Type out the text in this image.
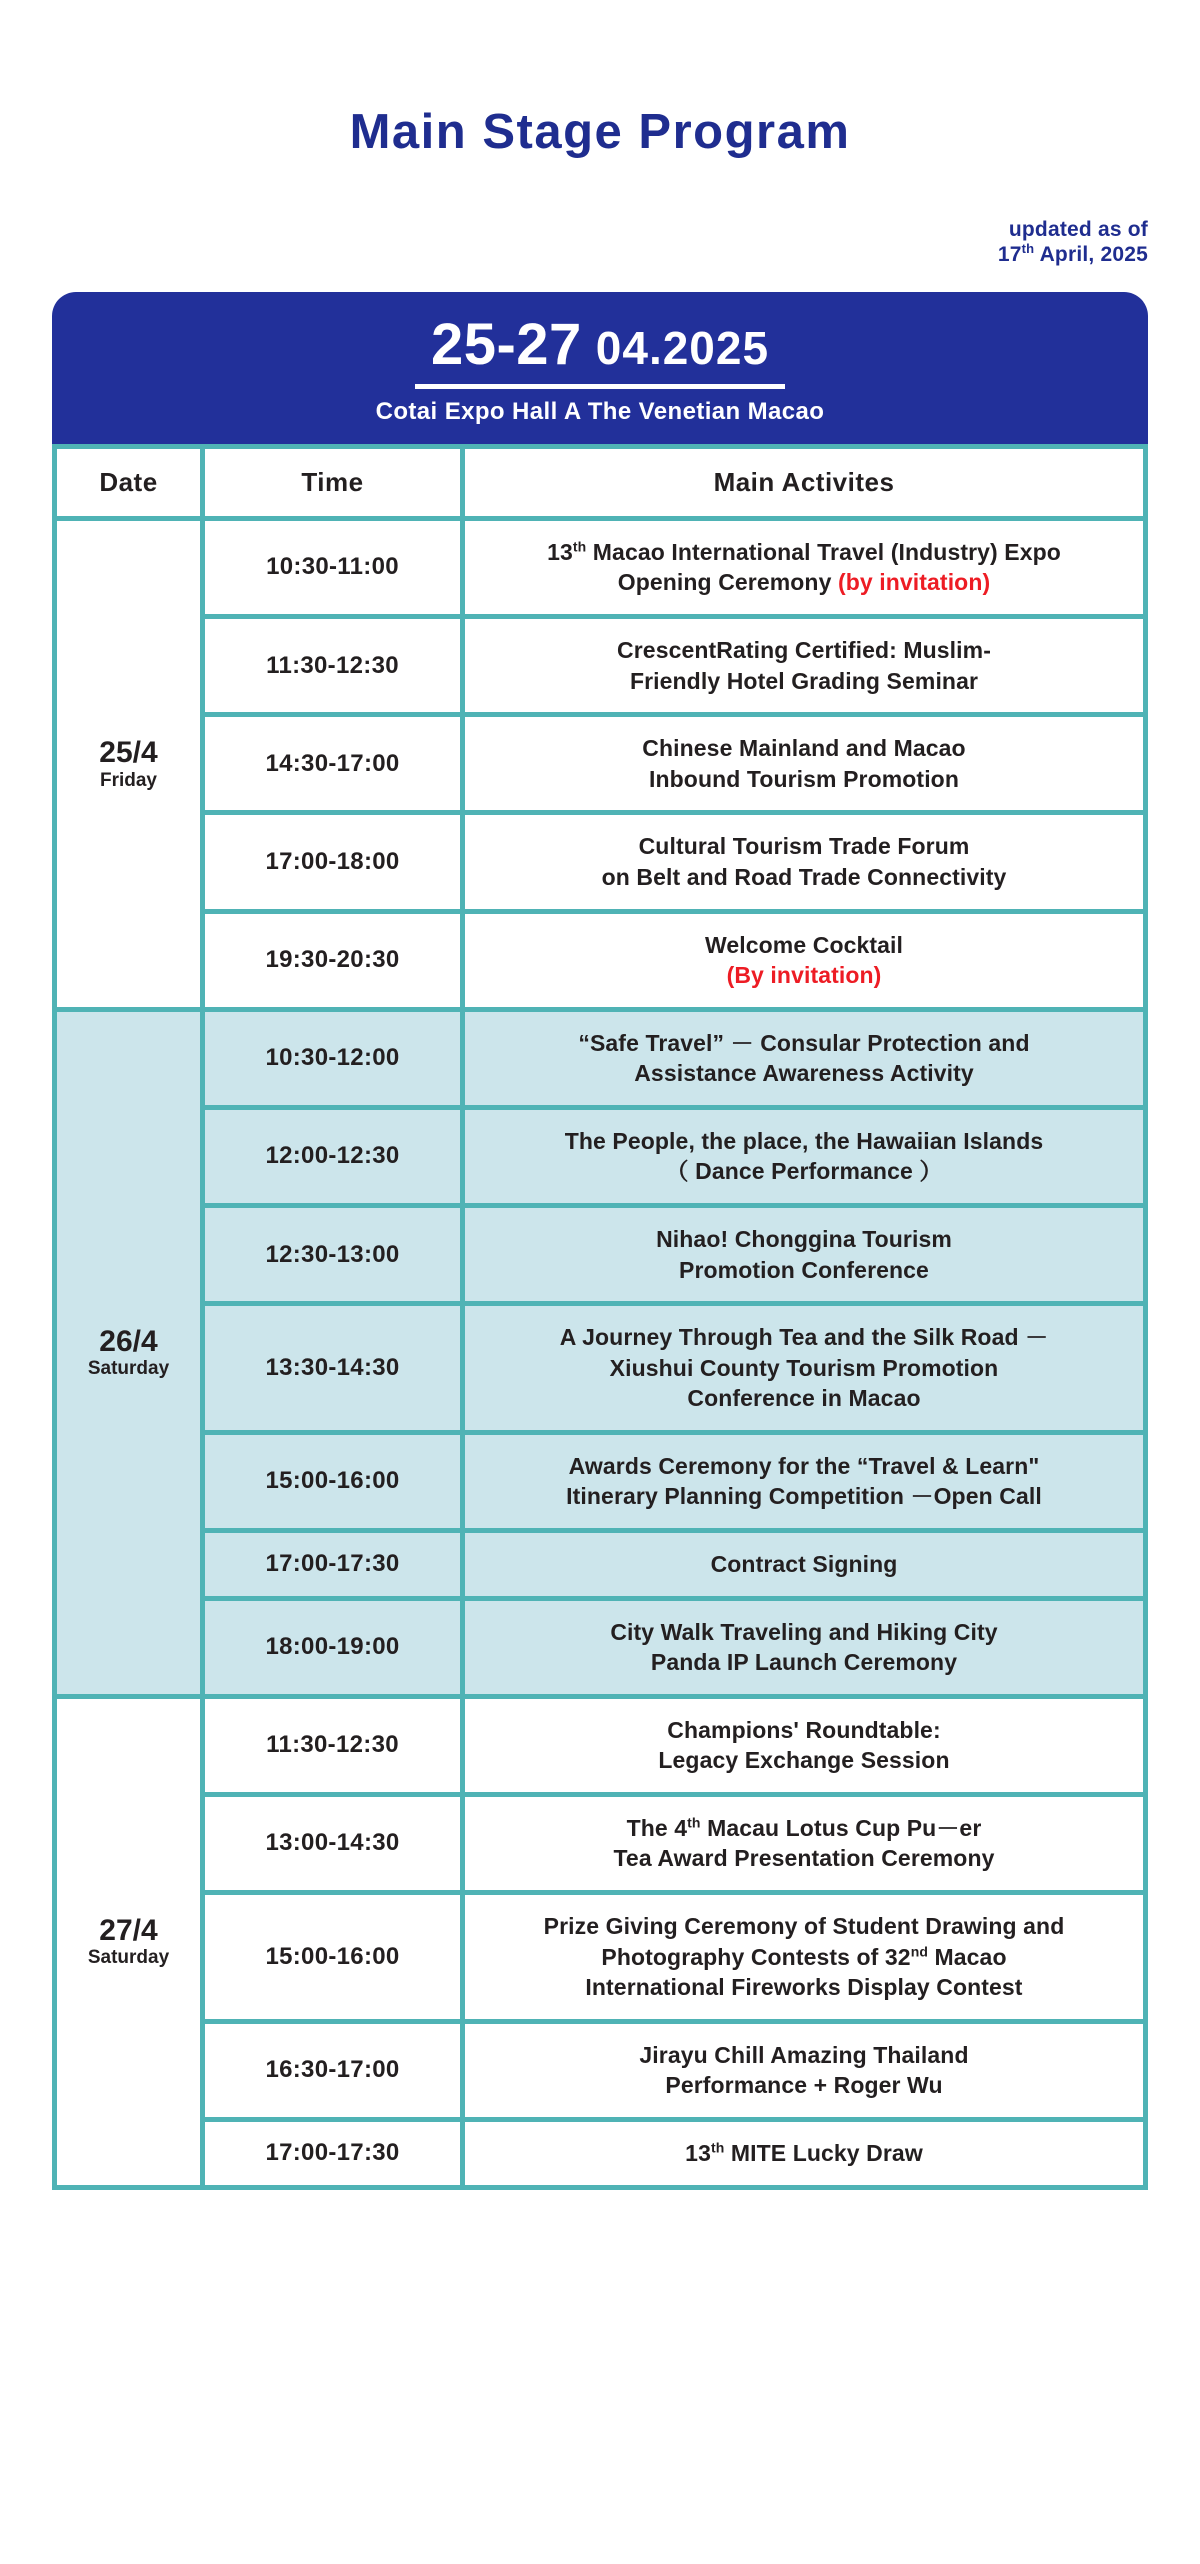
Main Stage Program
updated as of
17th April, 2025
25-27 04.2025
Cotai Expo Hall A The Venetian Macao
Date	Time	Main Activites
25/4
Friday
	10:30-11:00	
13th Macao International Travel (Industry) Expo
Opening Ceremony (by invitation)

	11:30-12:30	CrescentRating Certified: Muslim-
Friendly Hotel Grading Seminar

	14:30-17:00	Chinese Mainland and Macao
Inbound Tourism Promotion

	17:00-18:00	Cultural Tourism Trade Forum
on Belt and Road Trade Connectivity

	19:30-20:30	Welcome Cocktail
(By invitation)

26/4
Saturday
	10:30-12:00	
“Safe Travel” － Consular Protection and
Assistance Awareness Activity

	12:00-12:30	The People, the place, the Hawaiian Islands
（ Dance Performance ）

	12:30-13:00	Nihao! Chonggina Tourism
Promotion Conference

	13:30-14:30	A Journey Through Tea and the Silk Road －
Xiushui County Tourism Promotion
Conference in Macao

	15:00-16:00	Awards Ceremony for the “Travel & Learn"
Itinerary Planning Competition －Open Call

	17:00-17:30	Contract Signing

	18:00-19:00	City Walk Traveling and Hiking City
Panda IP Launch Ceremony

27/4
Saturday
	11:30-12:30	
Champions' Roundtable:
Legacy Exchange Session

	13:00-14:30	The 4th Macau Lotus Cup Pu－er
Tea Award Presentation Ceremony

	15:00-16:00	Prize Giving Ceremony of Student Drawing and
Photography Contests of 32nd Macao
International Fireworks Display Contest

	16:30-17:00	Jirayu Chill Amazing Thailand
Performance + Roger Wu

	17:00-17:30	13th MITE Lucky Draw
